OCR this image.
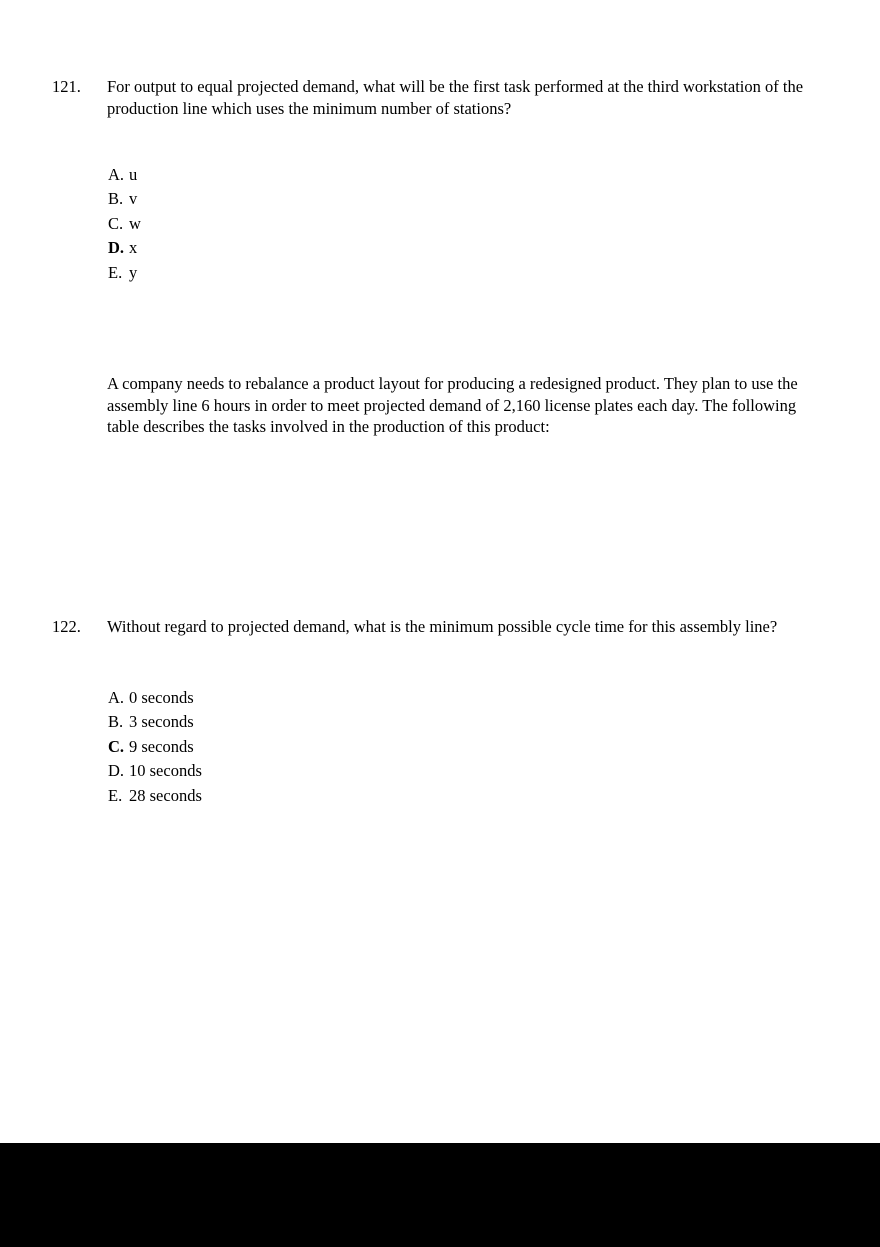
121.	For output to equal projected demand, what will be the first task performed at the third workstation of the production line which uses the minimum number of stations?
A. u
B. v
C. w
D. x
E. y
A company needs to rebalance a product layout for producing a redesigned product. They plan to use the assembly line 6 hours in order to meet projected demand of 2,160 license plates each day. The following table describes the tasks involved in the production of this product:
122.	Without regard to projected demand, what is the minimum possible cycle time for this assembly line?
A. 0 seconds
B. 3 seconds
C. 9 seconds
D. 10 seconds
E. 28 seconds
